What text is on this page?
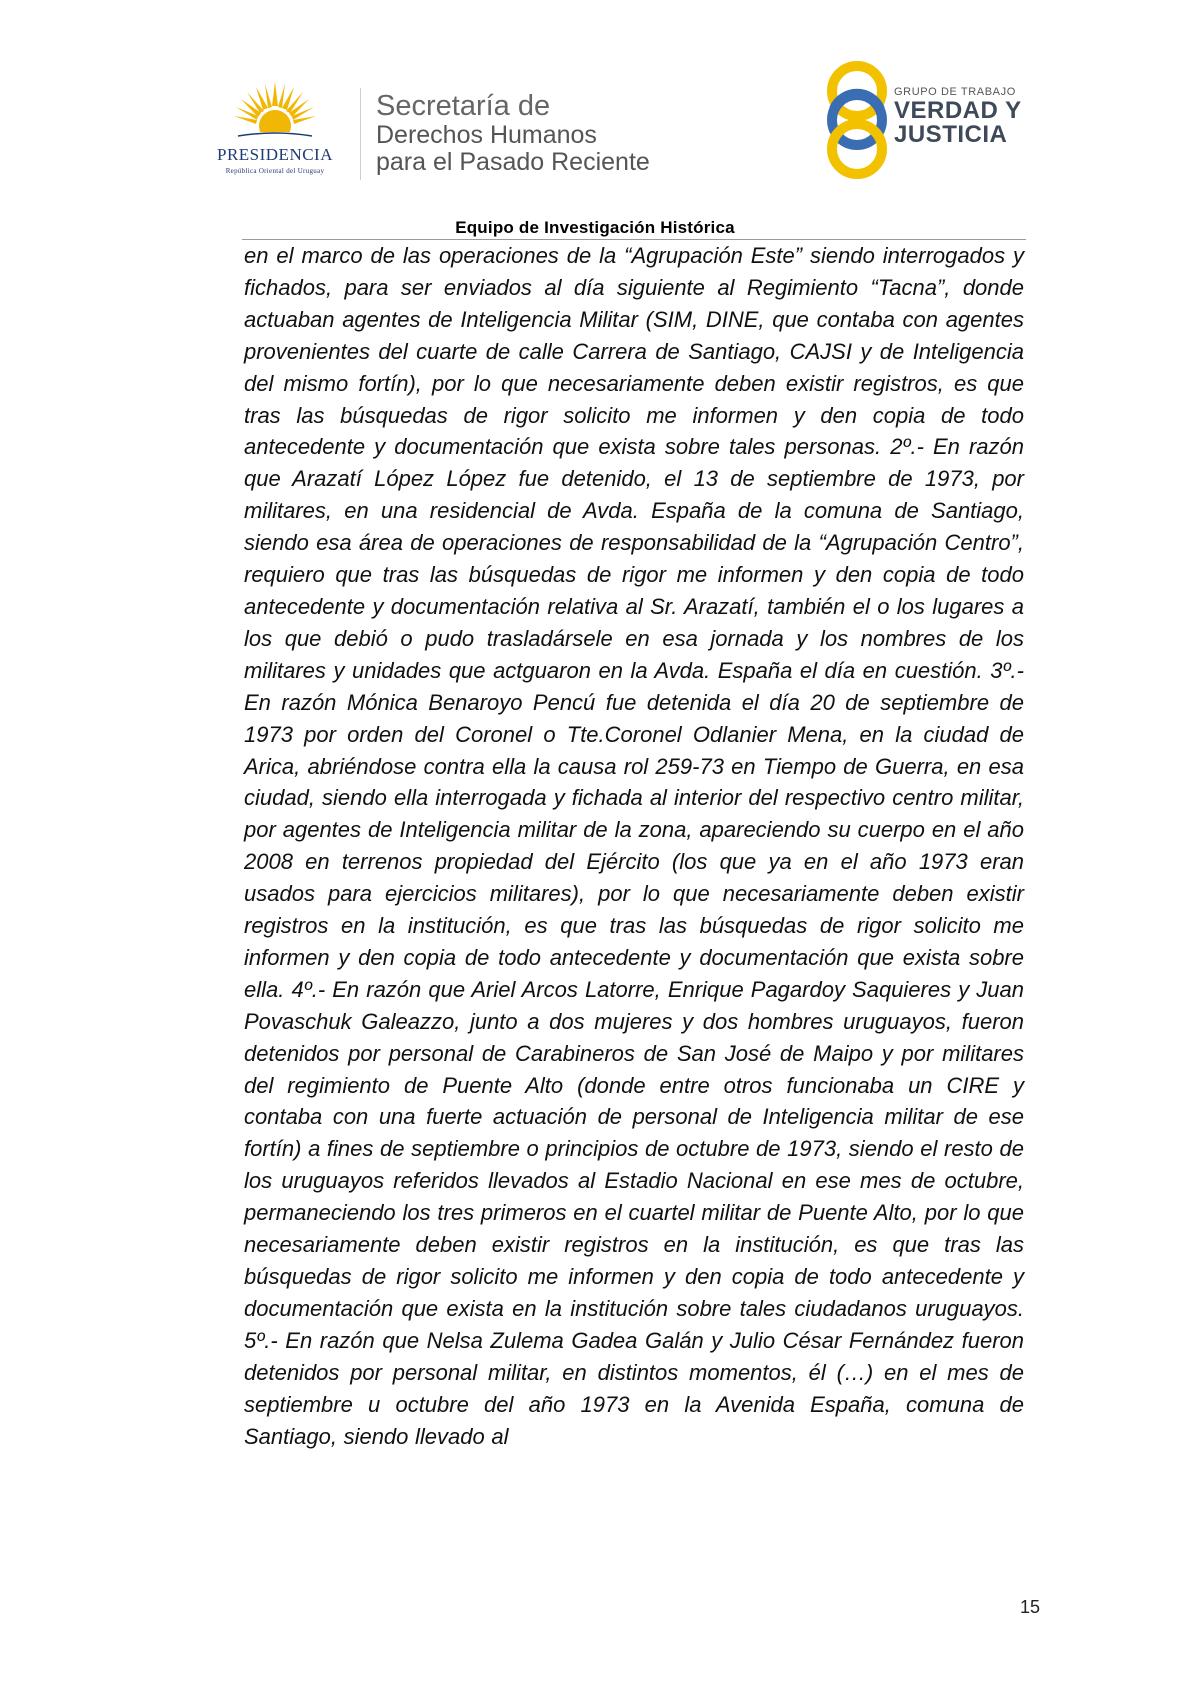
PRESIDENCIA
República Oriental del Uruguay
Secretaría de
Derechos Humanos
para el Pasado Reciente
GRUPO DE TRABAJO
VERDAD Y
JUSTICIA
Equipo de Investigación Histórica
en el marco de las operaciones de la “Agrupación Este” siendo interrogados y fichados, para ser enviados al día siguiente al Regimiento “Tacna”, donde actuaban agentes de Inteligencia Militar (SIM, DINE, que contaba con agentes provenientes del cuarte de calle Carrera de Santiago, CAJSI y de Inteligencia del mismo fortín), por lo que necesariamente deben existir registros, es que tras las búsquedas de rigor solicito me informen y den copia de todo antecedente y documentación que exista sobre tales personas. 2º.- En razón que Arazatí López López fue detenido, el 13 de septiembre de 1973, por militares, en una residencial de Avda. España de la comuna de Santiago, siendo esa área de operaciones de responsabilidad de la “Agrupación Centro”, requiero que tras las búsquedas de rigor me informen y den copia de todo antecedente y documentación relativa al Sr. Arazatí, también el o los lugares a los que debió o pudo trasladársele en esa jornada y los nombres de los militares y unidades que actguaron en la Avda. España el día en cuestión. 3º.- En razón Mónica Benaroyo Pencú fue detenida el día 20 de septiembre de 1973 por orden del Coronel o Tte.Coronel Odlanier Mena, en la ciudad de Arica, abriéndose contra ella la causa rol 259-73 en Tiempo de Guerra, en esa ciudad, siendo ella interrogada y fichada al interior del respectivo centro militar, por agentes de Inteligencia militar de la zona, apareciendo su cuerpo en el año 2008 en terrenos propiedad del Ejército (los que ya en el año 1973 eran usados para ejercicios militares), por lo que necesariamente deben existir registros en la institución, es que tras las búsquedas de rigor solicito me informen y den copia de todo antecedente y documentación que exista sobre ella. 4º.- En razón que Ariel Arcos Latorre, Enrique Pagardoy Saquieres y Juan Povaschuk Galeazzo, junto a dos mujeres y dos hombres uruguayos, fueron detenidos por personal de Carabineros de San José de Maipo y por militares del regimiento de Puente Alto (donde entre otros funcionaba un CIRE y contaba con una fuerte actuación de personal de Inteligencia militar de ese fortín) a fines de septiembre o principios de octubre de 1973, siendo el resto de los uruguayos referidos llevados al Estadio Nacional en ese mes de octubre, permaneciendo los tres primeros en el cuartel militar de Puente Alto, por lo que necesariamente deben existir registros en la institución, es que tras las búsquedas de rigor solicito me informen y den copia de todo antecedente y documentación que exista en la institución sobre tales ciudadanos uruguayos. 5º.- En razón que Nelsa Zulema Gadea Galán y Julio César Fernández fueron detenidos por personal militar, en distintos momentos, él (…) en el mes de septiembre u octubre del año 1973 en la Avenida España, comuna de Santiago, siendo llevado al
15
